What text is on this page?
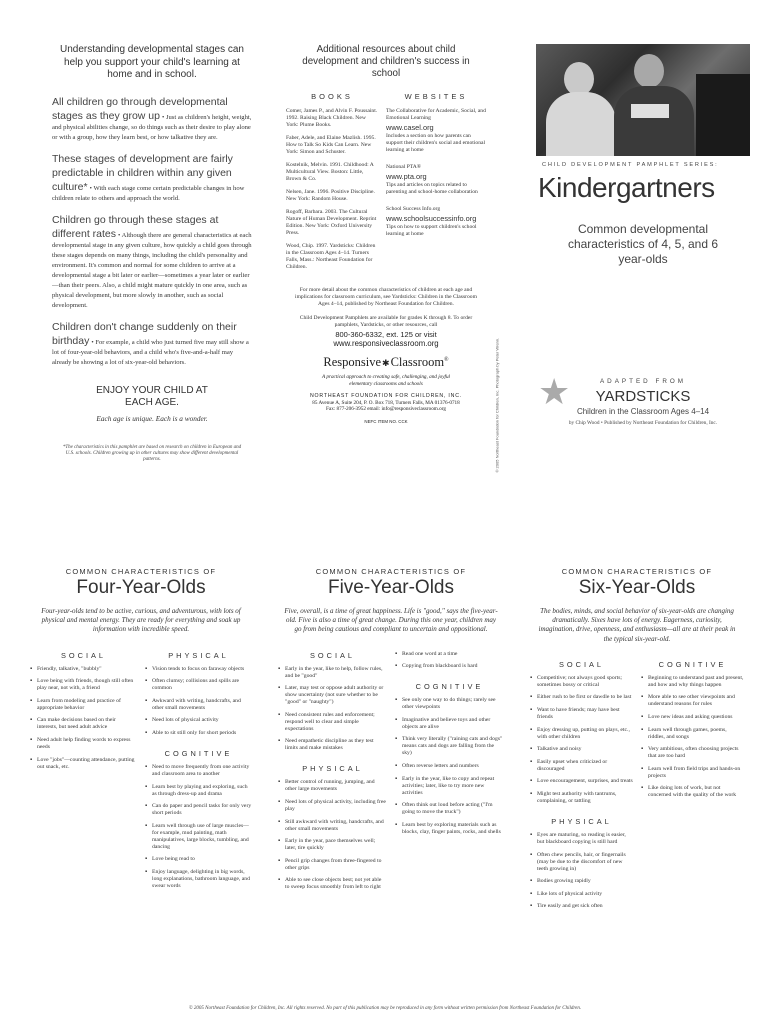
Understanding developmental stages can help you support your child's learning at home and in school.
All children go through developmental stages as they grow up • Just as children's height, weight, and physical abilities change, so do things such as their desire to play alone or with a group, how they learn best, or how talkative they are.
These stages of development are fairly predictable in children within any given culture* • With each stage come certain predictable changes in how children relate to others and approach the world.
Children go through these stages at different rates • Although there are general characteristics at each developmental stage in any given culture, how quickly a child goes through these stages depends on many things, including the child's personality and environment. It's common and normal for some children to arrive at a developmental stage a bit later or earlier—sometimes a year later or earlier—than their peers. Also, a child might mature quickly in one area, such as physical development, but more slowly in another, such as social development.
Children don't change suddenly on their birthday • For example, a child who just turned five may still show a lot of four-year-old behaviors, and a child who's five-and-a-half may already be showing a lot of six-year-old behaviors.
ENJOY YOUR CHILD AT EACH AGE.
Each age is unique. Each is a wonder.
*The characteristics in this pamphlet are based on research on children in European and U.S. schools. Children growing up in other cultures may show different developmental patterns.
Additional resources about child development and children's success in school
BOOKS
Comer, James P., and Alvin F. Poussaint. 1992. Raising Black Children. New York: Plume Books.
Faber, Adele, and Elaine Mazlish. 1995. How to Talk So Kids Can Learn. New York: Simon and Schuster.
Kostelnik, Melvin. 1991. Childhood: A Multicultural View. Boston: Little, Brown & Co.
Nelsen, Jane. 1996. Positive Discipline. New York: Random House.
Rogoff, Barbara. 2003. The Cultural Nature of Human Development. Reprint Edition. New York: Oxford University Press.
Wood, Chip. 1997. Yardsticks: Children in the Classroom Ages 4–14. Turners Falls, Mass.: Northeast Foundation for Children.
WEBSITES
The Collaborative for Academic, Social, and Emotional Learning
www.casel.org
Includes a section on how parents can support their children's social and emotional learning at home
National PTA®
www.pta.org
Tips and articles on topics related to parenting and school-home collaboration
School Success Info.org
www.schoolsuccessinfo.org
Tips on how to support children's school learning at home
For more detail about the common characteristics of children at each age and implications for classroom curriculum, see Yardsticks: Children in the Classroom Ages 4–14, published by Northeast Foundation for Children.
Child Development Pamphlets are available for grades K through 8. To order pamphlets, Yardsticks, or other resources, call
800-360-6332, ext. 125 or visit
www.responsiveclassroom.org
Responsive✱Classroom®
A practical approach to creating safe, challenging, and joyful elementary classrooms and schools
NORTHEAST FOUNDATION FOR CHILDREN, INC.
85 Avenue A, Suite 204, P. O. Box 718, Turners Falls, MA 01376-0718
Fax: 877-206-3952 email: info@responsiveclassroom.org
NEFC ITEM NO. CCK	© 2005 Northeast Foundation for Children, Inc. Photograph by Peter Wrenn.
CHILD DEVELOPMENT PAMPHLET SERIES:
Kindergartners
Common developmental characteristics of 4, 5, and 6 year-olds
★	ADAPTED FROM
YARDSTICKS
Children in the Classroom Ages 4–14
by Chip Wood • Published by Northeast Foundation for Children, Inc.
COMMON CHARACTERISTICS OF
Four-Year-Olds
Four-year-olds tend to be active, curious, and adventurous, with lots of physical and mental energy. They are ready for everything and soak up information with incredible speed.
SOCIAL
▪ Friendly, talkative, "bubbly"
▪ Love being with friends, though still often play near, not with, a friend
▪ Learn from modeling and practice of appropriate behavior
▪ Can make decisions based on their interests, but need adult advice
▪ Need adult help finding words to express needs
▪ Love "jobs"—counting attendance, putting out snack, etc.
PHYSICAL
▪ Vision tends to focus on faraway objects
▪ Often clumsy; collisions and spills are common
▪ Awkward with writing, handcrafts, and other small movements
▪ Need lots of physical activity
▪ Able to sit still only for short periods
COGNITIVE
▪ Need to move frequently from one activity and classroom area to another
▪ Learn best by playing and exploring, such as through dress-up and drama
▪ Can do paper and pencil tasks for only very short periods
▪ Learn well through use of large muscles—for example, mud painting, math manipulatives, large blocks, tumbling, and dancing
▪ Love being read to
▪ Enjoy language, delighting in big words, long explanations, bathroom language, and swear words
COMMON CHARACTERISTICS OF
Five-Year-Olds
Five, overall, is a time of great happiness. Life is "good," says the five-year-old. Five is also a time of great change. During this one year, children may go from being cautious and compliant to uncertain and oppositional.
SOCIAL
▪ Early in the year, like to help, follow rules, and be "good"
▪ Later, may test or oppose adult authority or show uncertainty (not sure whether to be "good" or "naughty")
▪ Need consistent rules and enforcement; respond well to clear and simple expectations
▪ Need empathetic discipline as they test limits and make mistakes
PHYSICAL
▪ Better control of running, jumping, and other large movements
▪ Need lots of physical activity, including free play
▪ Still awkward with writing, handcrafts, and other small movements
▪ Early in the year, pace themselves well; later, tire quickly
▪ Pencil grip changes from three-fingered to other grips
▪ Able to see close objects best; not yet able to sweep focus smoothly from left to right
▪ Read one word at a time
▪ Copying from blackboard is hard
COGNITIVE
▪ See only one way to do things; rarely see other viewpoints
▪ Imaginative and believe toys and other objects are alive
▪ Think very literally ("raining cats and dogs" means cats and dogs are falling from the sky)
▪ Often reverse letters and numbers
▪ Early in the year, like to copy and repeat activities; later, like to try more new activities
▪ Often think out loud before acting ("I'm going to move the truck")
▪ Learn best by exploring materials such as blocks, clay, finger paints, rocks, and shells
COMMON CHARACTERISTICS OF
Six-Year-Olds
The bodies, minds, and social behavior of six-year-olds are changing dramatically. Sixes have lots of energy. Eagerness, curiosity, imagination, drive, openness, and enthusiasm—all are at their peak in the typical six-year-old.
SOCIAL
▪ Competitive; not always good sports; sometimes bossy or critical
▪ Either rush to be first or dawdle to be last
▪ Want to have friends; may have best friends
▪ Enjoy dressing up, putting on plays, etc., with other children
▪ Talkative and noisy
▪ Easily upset when criticized or discouraged
▪ Love encouragement, surprises, and treats
▪ Might test authority with tantrums, complaining, or tattling
PHYSICAL
▪ Eyes are maturing, so reading is easier, but blackboard copying is still hard
▪ Often chew pencils, hair, or fingernails (may be due to the discomfort of new teeth growing in)
▪ Bodies growing rapidly
▪ Like lots of physical activity
▪ Tire easily and get sick often
COGNITIVE
▪ Beginning to understand past and present, and how and why things happen
▪ More able to see other viewpoints and understand reasons for rules
▪ Love new ideas and asking questions
▪ Learn well through games, poems, riddles, and songs
▪ Very ambitious, often choosing projects that are too hard
▪ Learn well from field trips and hands-on projects
▪ Like doing lots of work, but not concerned with the quality of the work
© 2005 Northeast Foundation for Children, Inc. All rights reserved. No part of this publication may be reproduced in any form without written permission from Northeast Foundation for Children.
